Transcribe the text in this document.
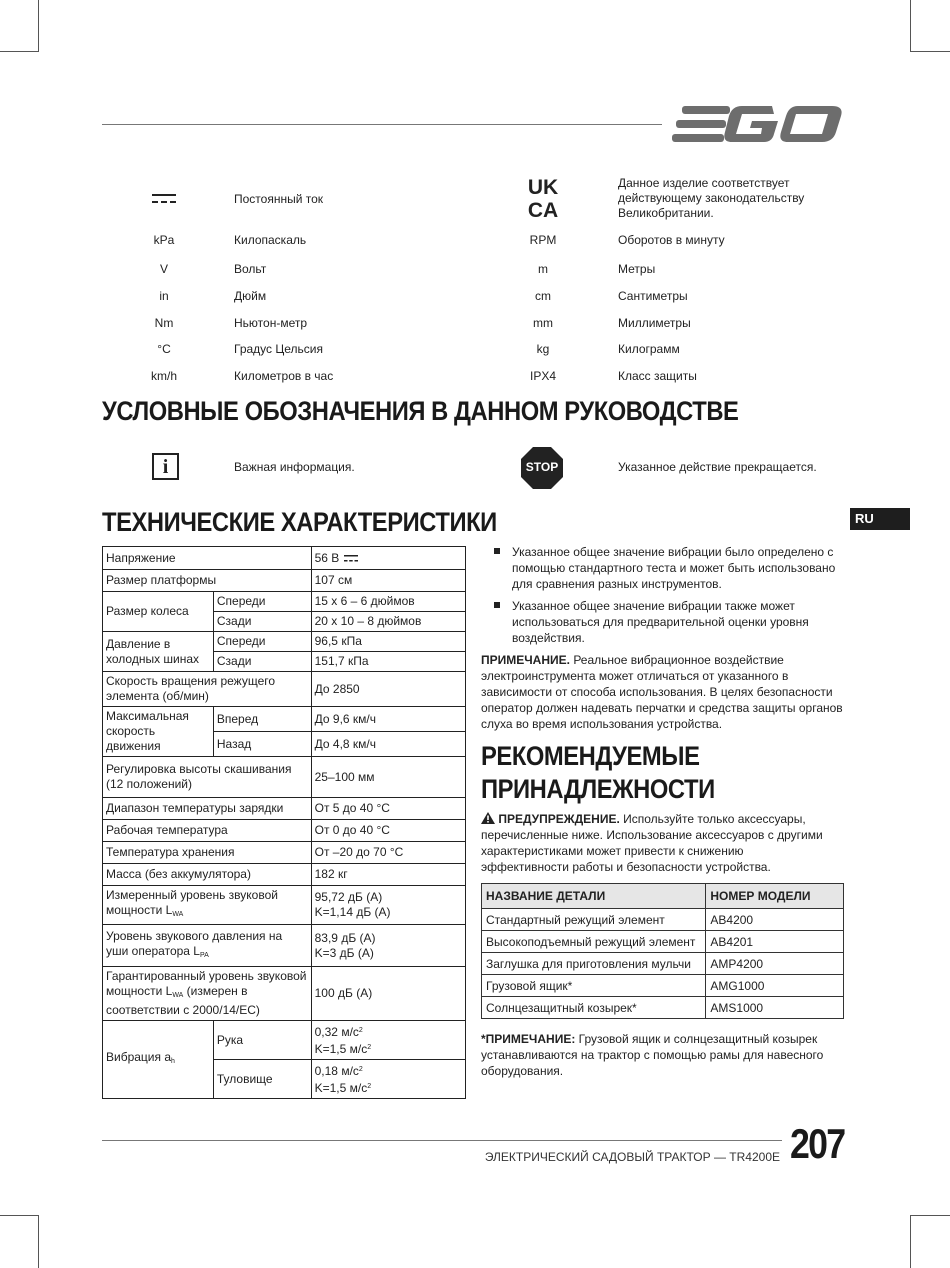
Постоянный ток
kPa	Килопаскаль
V	Вольт
in	Дюйм
Nm	Ньютон-метр
°C	Градус Цельсия
km/h	Километров в час
UK
CA
Данное изделие соответствует действующему законодательству Великобритании.
RPM	Оборотов в минуту
m	Метры
cm	Сантиметры
mm	Миллиметры
kg	Килограмм
IPX4	Класс защиты
УСЛОВНЫЕ ОБОЗНАЧЕНИЯ В ДАННОМ РУКОВОДСТВЕ
i	Важная информация.	STOP	Указанное действие прекращается.
RU
ТЕХНИЧЕСКИЕ ХАРАКТЕРИСТИКИ
Напряжение		56 В
Размер платформы		107 см
Размер колеса	Спереди	15 x 6 – 6 дюймов
	Сзади	20 x 10 – 8 дюймов
Давление в холодных шинах	Спереди	96,5 кПа
	Сзади	151,7 кПа
Скорость вращения режущего элемента (об/мин)		До 2850
Максимальная скорость движения	Вперед	До 9,6 км/ч
	Назад	До 4,8 км/ч
Регулировка высоты скашивания (12 положений)		25–100 мм
Диапазон температуры зарядки		От 5 до 40 °C
Рабочая температура		От 0 до 40 °C
Температура хранения		От –20 до 70 °C
Масса (без аккумулятора)		182 кг
Измеренный уровень звуковой мощности $L_{WA}$		95,72 дБ (А)
K=1,14 дБ (А)
Уровень звукового давления на уши оператора $L_{PA}$		83,9 дБ (А)
K=3 дБ (А)
Гарантированный уровень звуковой мощности $L_{WA}$ (измерен в соответствии с 2000/14/EC)		100 дБ (А)
Вибрация $a_h$	Рука	0,32 $м/с^2$
K=1,5 $м/с^2$
	Туловище	0,18 $м/с^2$
K=1,5 $м/с^2$
Указанное общее значение вибрации было определено с помощью стандартного теста и может быть использовано для сравнения разных инструментов.
Указанное общее значение вибрации также может использоваться для предварительной оценки уровня воздействия.
ПРИМЕЧАНИЕ. Реальное вибрационное воздействие электроинструмента может отличаться от указанного в зависимости от способа использования. В целях безопасности оператор должен надевать перчатки и средства защиты органов слуха во время использования устройства.
РЕКОМЕНДУЕМЫЕ
ПРИНАДЛЕЖНОСТИ
ПРЕДУПРЕЖДЕНИЕ. Используйте только аксессуары, перечисленные ниже. Использование аксессуаров с другими характеристиками может привести к снижению эффективности работы и безопасности устройства.
НАЗВАНИЕ ДЕТАЛИ	НОМЕР МОДЕЛИ
Стандартный режущий элемент	AB4200
Высокоподъемный режущий элемент	AB4201
Заглушка для приготовления мульчи	AMP4200
Грузовой ящик*	AMG1000
Солнцезащитный козырек*	AMS1000
*ПРИМЕЧАНИЕ: Грузовой ящик и солнцезащитный козырек устанавливаются на трактор с помощью рамы для навесного оборудования.
ЭЛЕКТРИЧЕСКИЙ САДОВЫЙ ТРАКТОР — TR4200E 207
